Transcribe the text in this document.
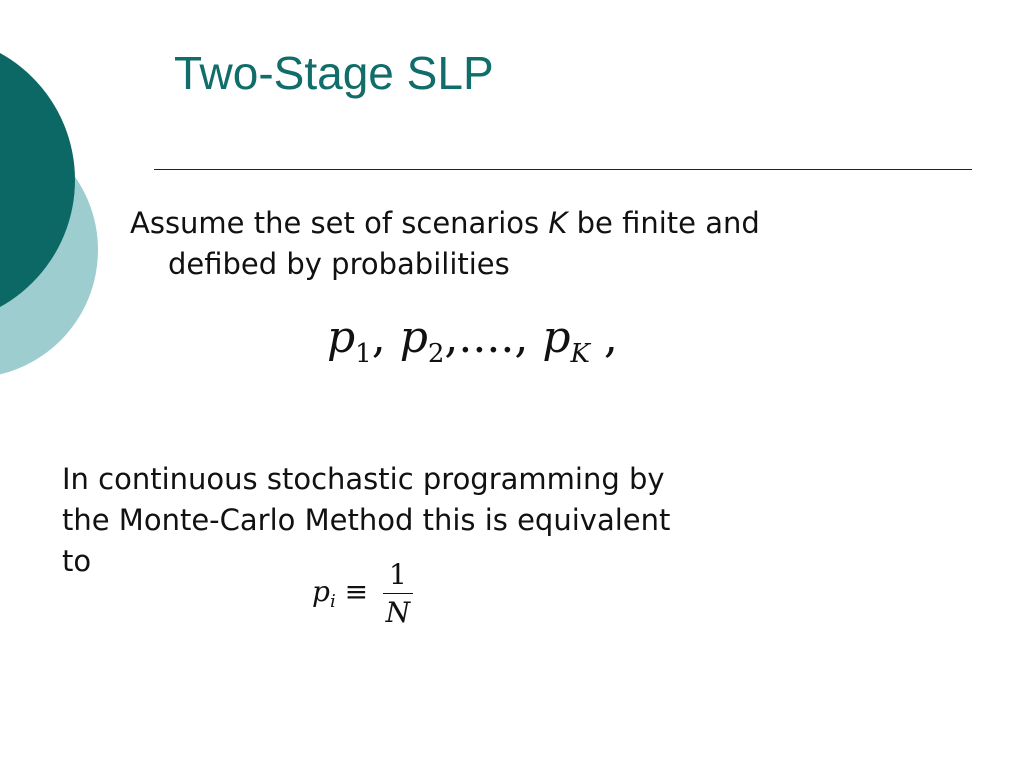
Two-Stage SLP
Assume the set of scenarios K be finite and
defibed by probabilities
$p_1$, $p_2$,...., $p_K$ ,
In continuous stochastic programming by
the Monte-Carlo Method this is equivalent
to
$p_i \equiv \frac{1}{N}$
